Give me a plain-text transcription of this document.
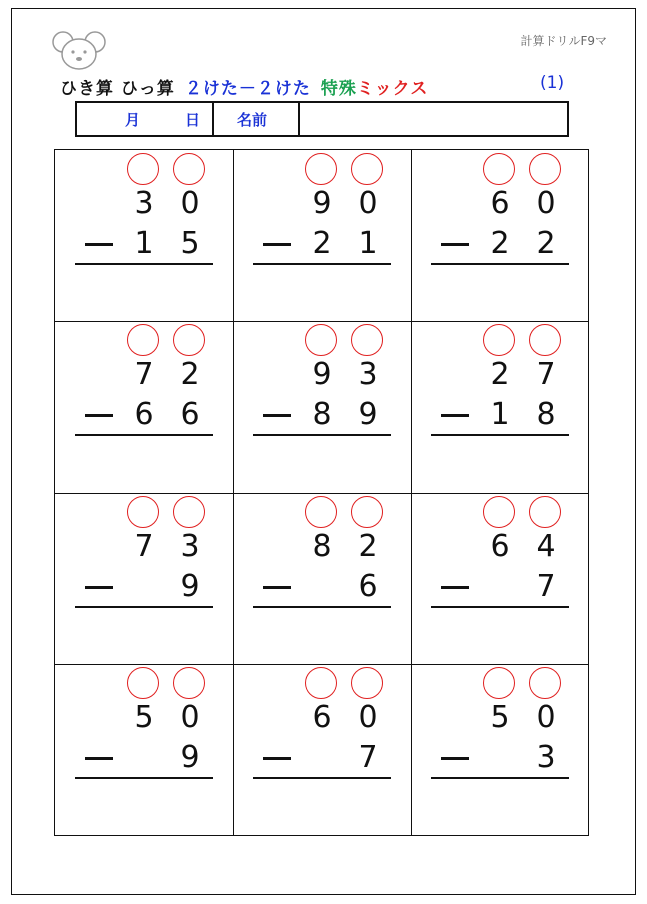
計算ドリルF9マ
ひき算 ひっ算 ２けた－２けた 特殊ミックス	(1)
月	日 名前
3 0
1 5
9 0
2 1
6 0
2 2
7 2
6 6
9 3
8 9
2 7
1 8
7 3
9
8 2
6
6 4
7
5 0
9
6 0
7
5 0
3
